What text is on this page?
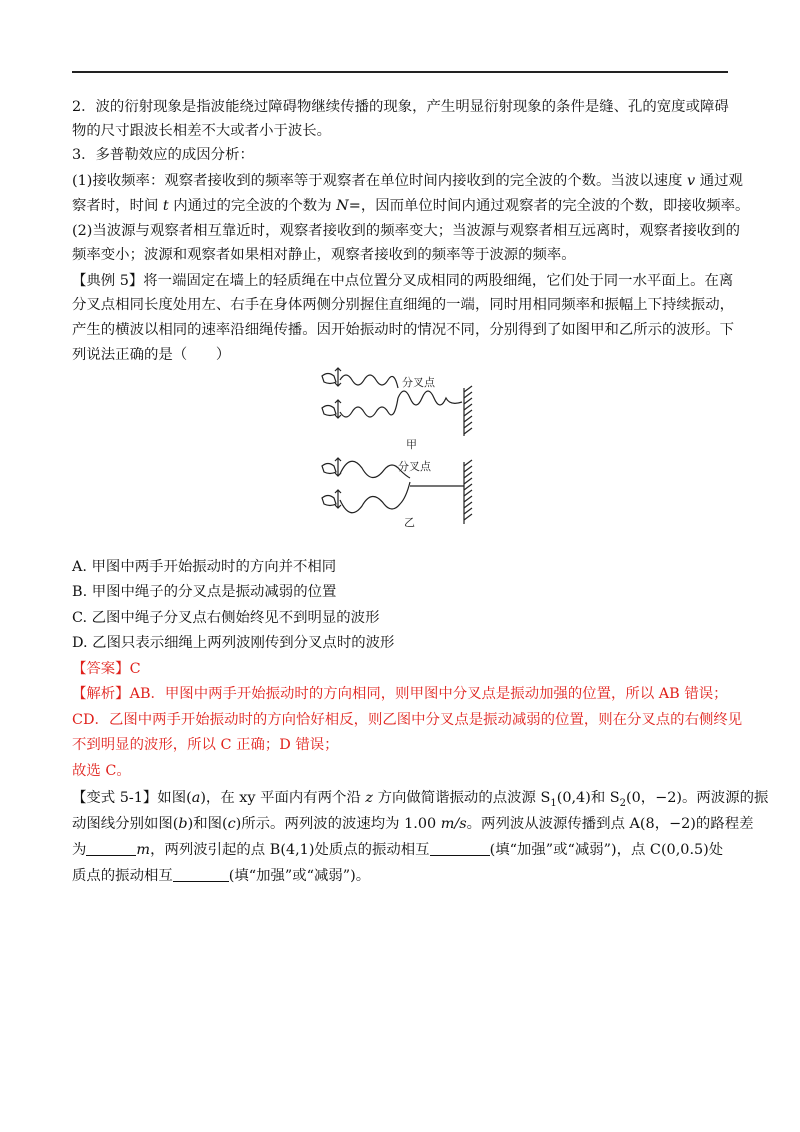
2．波的衍射现象是指波能绕过障碍物继续传播的现象，产生明显衍射现象的条件是缝、孔的宽度或障碍
物的尺寸跟波长相差不大或者小于波长。
3．多普勒效应的成因分析：
(1)接收频率：观察者接收到的频率等于观察者在单位时间内接收到的完全波的个数。当波以速度 v 通过观
察者时，时间 t 内通过的完全波的个数为 N=，因而单位时间内通过观察者的完全波的个数，即接收频率。
(2)当波源与观察者相互靠近时，观察者接收到的频率变大；当波源与观察者相互远离时，观察者接收到的
频率变小；波源和观察者如果相对静止，观察者接收到的频率等于波源的频率。
【典例 5】将一端固定在墙上的轻质绳在中点位置分叉成相同的两股细绳，它们处于同一水平面上。在离
分叉点相同长度处用左、右手在身体两侧分别握住直细绳的一端，同时用相同频率和振幅上下持续振动，
产生的横波以相同的速率沿细绳传播。因开始振动时的情况不同，分别得到了如图甲和乙所示的波形。下
列说法正确的是（　　）
分叉点
甲
分叉点
乙
A. 甲图中两手开始振动时的方向并不相同
B. 甲图中绳子的分叉点是振动减弱的位置
C. 乙图中绳子分叉点右侧始终见不到明显的波形
D. 乙图只表示细绳上两列波刚传到分叉点时的波形
【答案】C
【解析】AB．甲图中两手开始振动时的方向相同，则甲图中分叉点是振动加强的位置，所以 AB 错误；
CD．乙图中两手开始振动时的方向恰好相反，则乙图中分叉点是振动减弱的位置，则在分叉点的右侧终见
不到明显的波形，所以 C 正确；D 错误；
故选 C。
【变式 5-1】如图(a)，在 xy 平面内有两个沿 z 方向做简谐振动的点波源 $S_1(0,4)$和 $S_2(0$，−2)。两波源的振
动图线分别如图(b)和图(c)所示。两列波的波速均为 1.00 m/s。两列波从波源传播到点 A(8，−2)的路程差
为	m，两列波引起的点 B(4,1)处质点的振动相互	(填“加强”或“减弱”)，点 C(0,0.5)处
质点的振动相互	(填“加强”或“减弱”)。
